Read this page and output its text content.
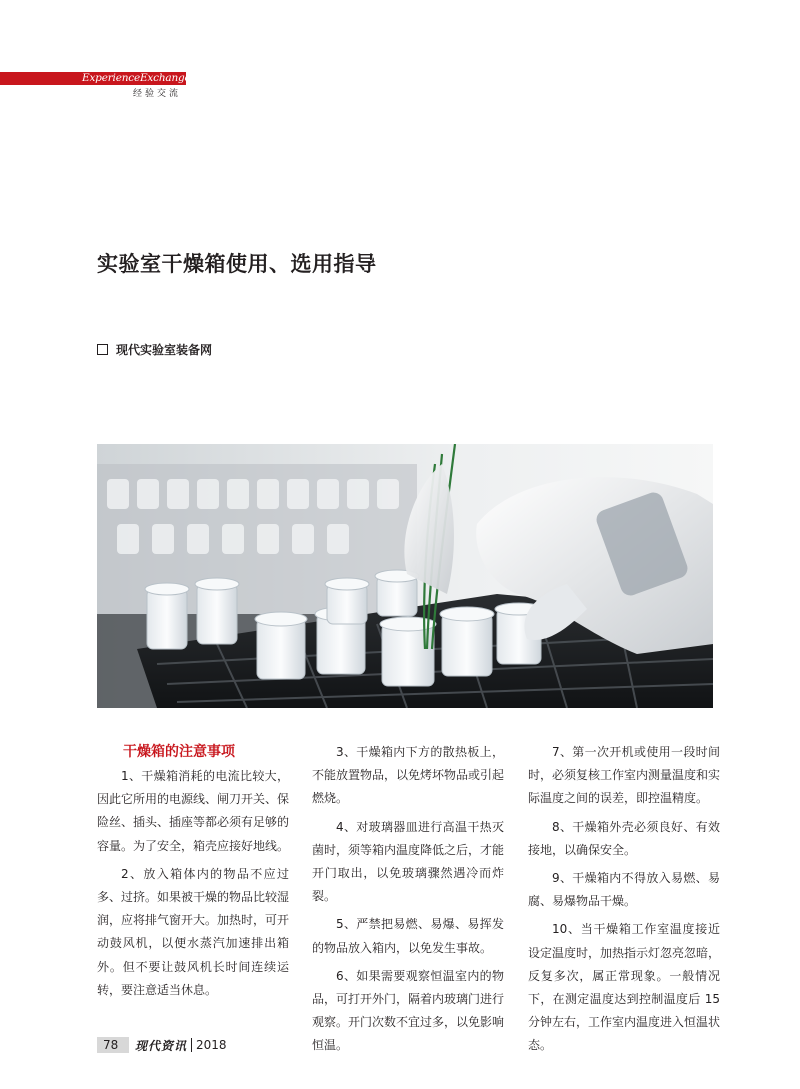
ExperienceExchange
经验交流
实验室干燥箱使用、选用指导
现代实验室装备网
干燥箱的注意事项

1、干燥箱消耗的电流比较大，因此它所用的电源线、闸刀开关、保险丝、插头、插座等都必须有足够的容量。为了安全，箱壳应接好地线。

2、放入箱体内的物品不应过多、过挤。如果被干燥的物品比较湿润，应将排气窗开大。加热时，可开动鼓风机，以便水蒸汽加速排出箱外。但不要让鼓风机长时间连续运转，要注意适当休息。

3、干燥箱内下方的散热板上，不能放置物品，以免烤坏物品或引起燃烧。

4、对玻璃器皿进行高温干热灭菌时，须等箱内温度降低之后，才能开门取出，以免玻璃骤然遇冷而炸裂。

5、严禁把易燃、易爆、易挥发的物品放入箱内，以免发生事故。

6、如果需要观察恒温室内的物品，可打开外门，隔着内玻璃门进行观察。开门次数不宜过多，以免影响恒温。

7、第一次开机或使用一段时间时，必须复核工作室内测量温度和实际温度之间的误差，即控温精度。

8、干燥箱外壳必须良好、有效接地，以确保安全。

9、干燥箱内不得放入易燃、易腐、易爆物品干燥。

10、当干燥箱工作室温度接近设定温度时，加热指示灯忽亮忽暗，反复多次，属正常现象。一般情况下，在测定温度达到控制温度后 15 分钟左右，工作室内温度进入恒温状态。

78	现代资讯 2018
